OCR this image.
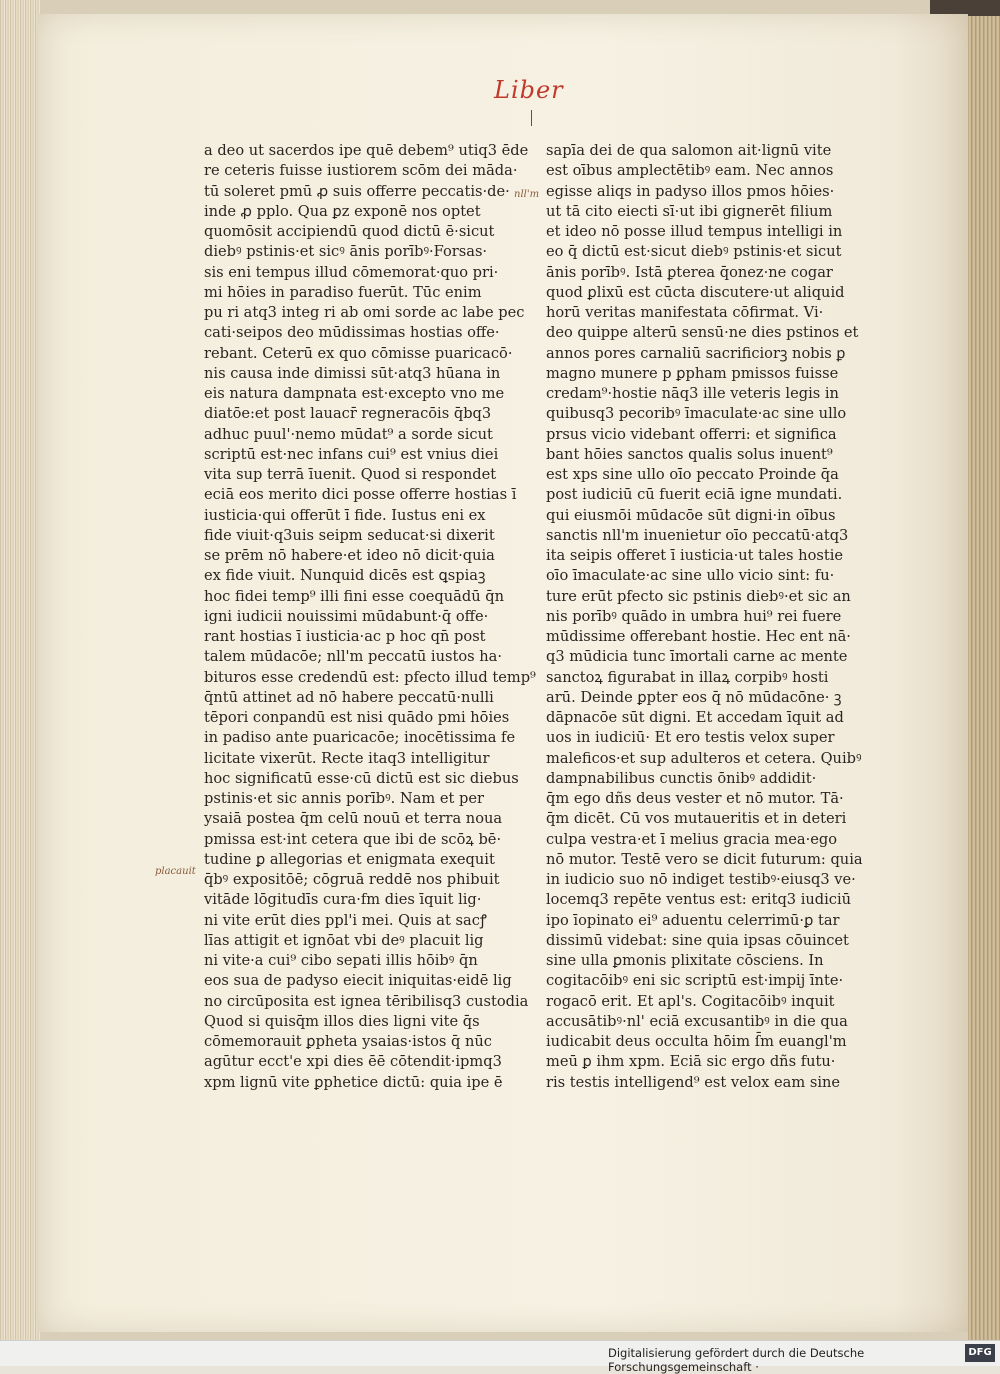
Liber
a deo ut sacerdos ipe quē debem⁹ utiq3 ēde
re ceteris fuisse iustiorem scōm dei māda·
tū soleret pmū ꝓ suis offerre peccatis·de·
inde ꝓ pplo. Qua ꝑz exponē nos optet
quomōsit accipiendū quod dictū ē·sicut
diebꝰ pstinis·et sicꝰ ānis porībꝰ·Forsas·
sis eni tempus illud cōmemorat·quo pri·
mi hōies in paradiso fuerūt. Tūc enim
pu ri atq3 integ ri ab omi sorde ac labe pec
cati·seipos deo mūdissimas hostias offe·
rebant. Ceterū ex quo cōmisse puaricacō·
nis causa inde dimissi sūt·atq3 hūana in
eis natura dampnata est·excepto vno me
diatōe:et post lauacr̄ regneracōis q̄bq3
adhuc puul'·nemo mūdat⁹ a sorde sicut
scriptū est·nec infans cui⁹ est vnius diei
vita sup terrā īuenit. Quod si respondet
eciā eos merito dici posse offerre hostias ī
iusticia·qui offerūt ī fide. Iustus eni ex
fide viuit·q3uis seipm seducat·si dixerit
se prēm nō habere·et ideo nō dicit·quia
ex fide viuit. Nunquid dicēs est ꝗspiaꝫ
hoc fidei temp⁹ illi fini esse coequādū q̄n
igni iudicii nouissimi mūdabunt·q̄ offe·
rant hostias ī iusticia·ac p hoc qn̄ post
talem mūdacōe; nll'm peccatū iustos ha·
bituros esse credendū est: pfecto illud temp⁹
q̄ntū attinet ad nō habere peccatū·nulli
tēpori conpandū est nisi quādo pmi hōies
in padiso ante puaricacōe; inocētissima fe
licitate vixerūt. Recte itaq3 intelligitur
hoc significatū esse·cū dictū est sic diebus
pstinis·et sic annis porībꝰ. Nam et per
ysaiā postea q̄m celū nouū et terra noua
pmissa est·int cetera que ibi de scōꝝ bē·
tudine ꝑ allegorias et enigmata exequit
q̄bꝰ expositōē; cōgruā reddē nos phibuit
vitāde lōgitudīs cura·fm dies īquit lig·
ni vite erūt dies ppl'i mei. Quis at sacꝭ
līas attigit et ignōat vbi deꝰ placuit lig
ni vite·a cui⁹ cibo sepati illis hōibꝰ q̄n
eos sua de padyso eiecit iniquitas·eidē lig
no circūposita est ignea tēribilisq3 custodia
Quod si quisq̄m illos dies ligni vite q̄s
cōmemorauit ꝑpheta ysaias·istos q̄ nūc
agūtur ecct'e xpi dies ēē cōtendit·ipmq3
xpm lignū vite ꝑphetice dictū: quia ipe ē
sapīa dei de qua salomon ait·lignū vite
est oībus amplectētibꝰ eam. Nec annos
egisse aliqs in padyso illos pmos hōies·
ut tā cito eiecti sī·ut ibi gignerēt filium
et ideo nō posse illud tempus intelligi in
eo q̄ dictū est·sicut diebꝰ pstinis·et sicut
ānis porībꝰ. Istā ꝑterea q̄onez·ne cogar
quod ꝑlixū est cūcta discutere·ut aliquid
horū veritas manifestata cōfirmat. Vi·
deo quippe alterū sensū·ne dies pstinos et
annos pores carnaliū sacrificiorꝫ nobis ꝑ
magno munere p ꝑpham pmissos fuisse
credam⁹·hostie nāq3 ille veteris legis in
quibusq3 pecoribꝰ īmaculate·ac sine ullo
prsus vicio videbant offerri: et significa
bant hōies sanctos qualis solus inuent⁹
est xps sine ullo oīo peccato Proinde q̄a
post iudiciū cū fuerit eciā igne mundati.
qui eiusmōi mūdacōe sūt digni·in oībus
sanctis nll'm inuenietur oīo peccatū·atq3
ita seipis offeret ī iusticia·ut tales hostie
oīo īmaculate·ac sine ullo vicio sint: fu·
ture erūt pfecto sic pstinis diebꝰ·et sic an
nis porībꝰ quādo in umbra hui⁹ rei fuere
mūdissime offerebant hostie. Hec ent nā·
q3 mūdicia tunc īmortali carne ac mente
sanctoꝝ figurabat in illaꝝ corpibꝰ hosti
arū. Deinde ꝑpter eos q̄ nō mūdacōne· ꝫ
dāpnacōe sūt digni. Et accedam īquit ad
uos in iudiciū· Et ero testis velox super
maleficos·et sup adulteros et cetera. Quibꝰ
dampnabilibus cunctis ōnibꝰ addidit·
q̄m ego dñs deus vester et nō mutor. Tā·
q̄m dicēt. Cū vos mutaueritis et in deteri
culpa vestra·et ī melius gracia mea·ego
nō mutor. Testē vero se dicit futurum: quia
in iudicio suo nō indiget testibꝰ·eiusq3 ve·
locemq3 repēte ventus est: eritq3 iudiciū
ipo īopinato ei⁹ aduentu celerrimū·ꝑ tar
dissimū videbat: sine quia ipsas cōuincet
sine ulla ꝑmonis plixitate cōsciens. In
cogitacōibꝰ eni sic scriptū est·impij īnte·
rogacō erit. Et apl's. Cogitacōibꝰ inquit
accusātibꝰ·nl' eciā excusantibꝰ in die qua
iudicabit deus occulta hōim ſ̄m euangl'm
meū ꝑ ihm xpm. Eciā sic ergo dñs futu·
ris testis intelligend⁹ est velox eam sine
nll'm
placauit
Digitalisierung gefördert durch die Deutsche Forschungsgemeinschaft ·
DFG
